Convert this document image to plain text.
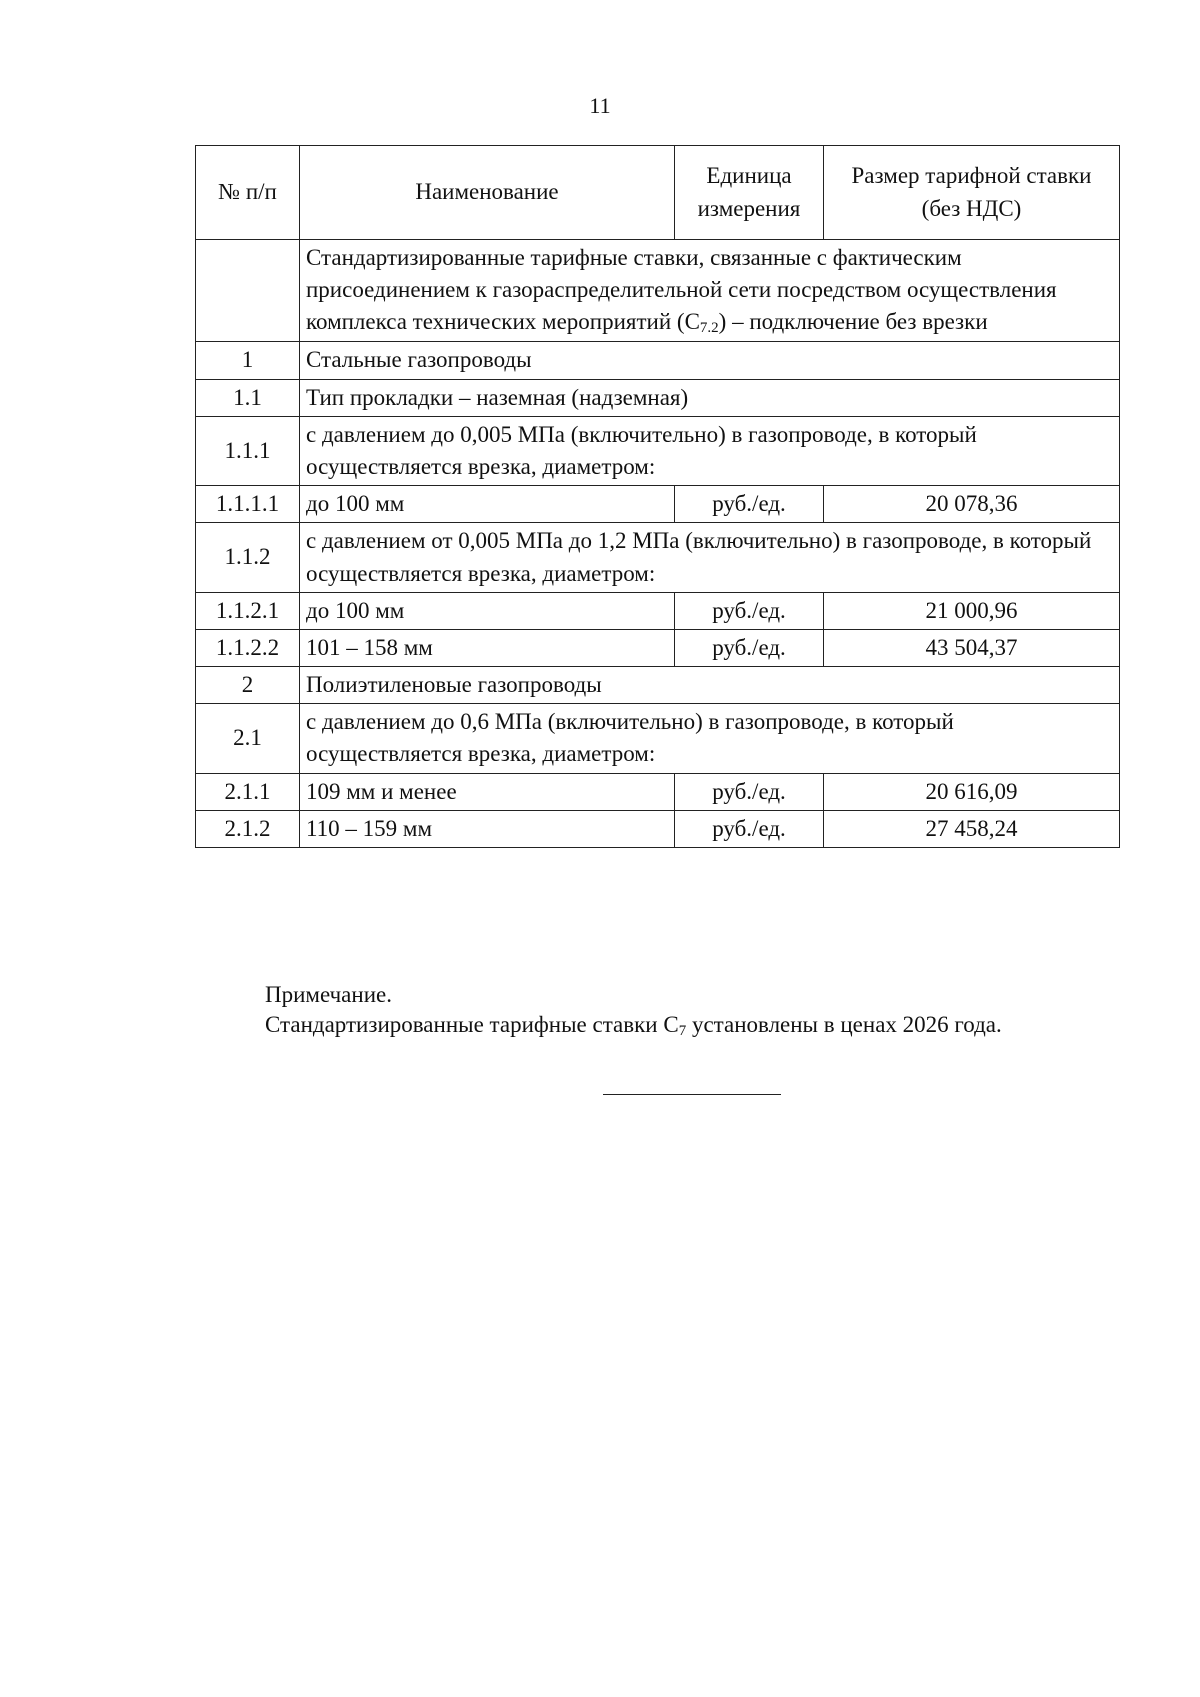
11
№ п/п	Наименование	Единица измерения	Размер тарифной ставки (без НДС)
	Стандартизированные тарифные ставки, связанные с фактическим присоединением к газораспределительной сети посредством осуществления комплекса технических мероприятий $(С_{7.2})$ – подключение без врезки		
1	Стальные газопроводы		
1.1	Тип прокладки – наземная (надземная)		
1.1.1	с давлением до 0,005 МПа (включительно) в газопроводе, в который осуществляется врезка, диаметром:		
1.1.1.1	до 100 мм	руб./ед.	20 078,36
1.1.2	с давлением от 0,005 МПа до 1,2 МПа (включительно) в газопроводе, в который осуществляется врезка, диаметром:		
1.1.2.1	до 100 мм	руб./ед.	21 000,96
1.1.2.2	101 – 158 мм	руб./ед.	43 504,37
2	Полиэтиленовые газопроводы		
2.1	с давлением до 0,6 МПа (включительно) в газопроводе, в который осуществляется врезка, диаметром:		
2.1.1	109 мм и менее	руб./ед.	20 616,09
2.1.2	110 – 159 мм	руб./ед.	27 458,24
Примечание.
Стандартизированные тарифные ставки $С_7$ установлены в ценах 2026 года.
